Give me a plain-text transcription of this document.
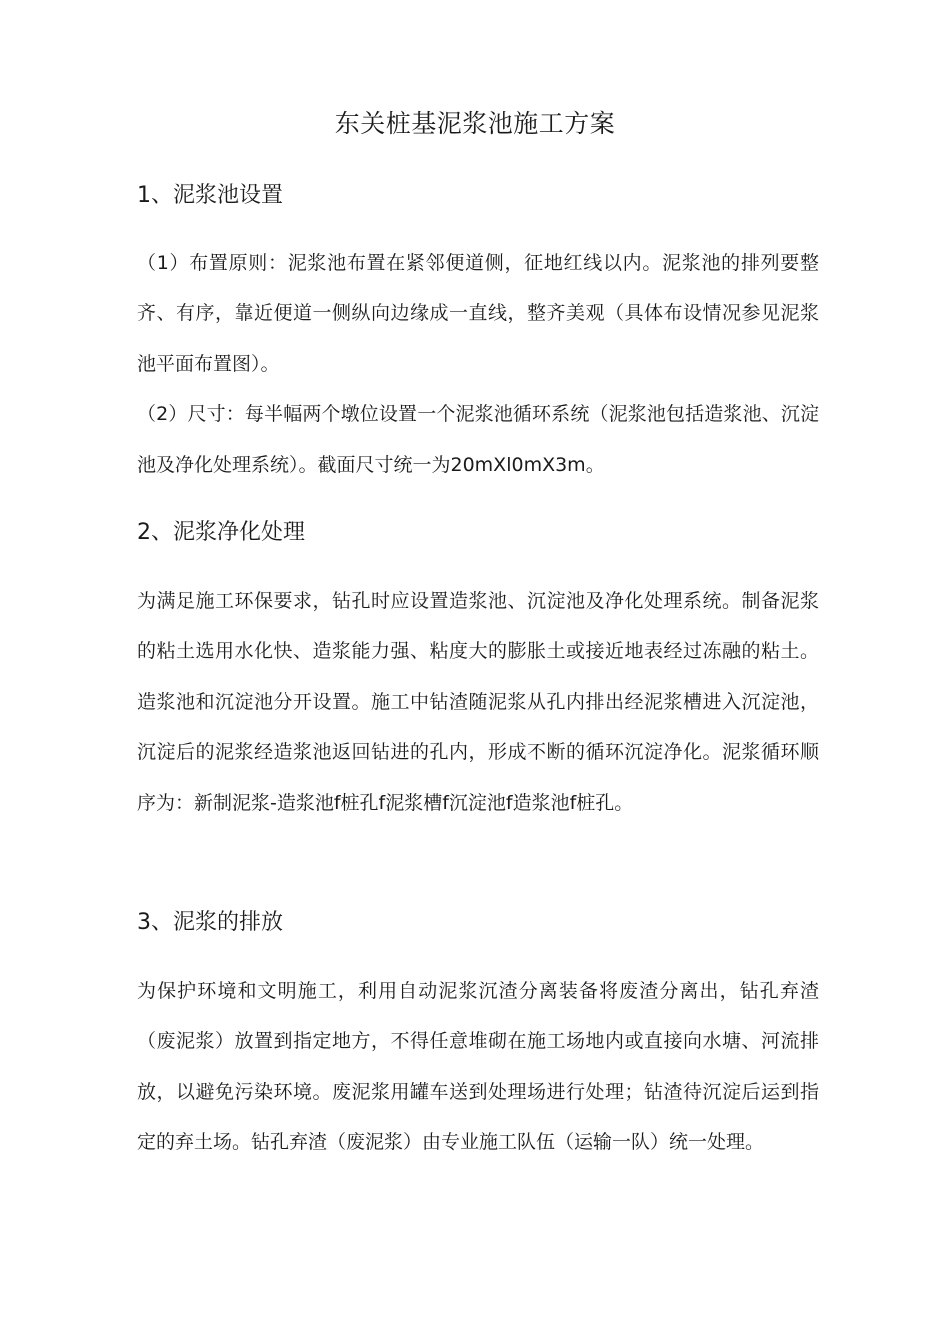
东关桩基泥浆池施工方案
1、泥浆池设置

（1）布置原则：泥浆池布置在紧邻便道侧，征地红线以内。泥浆池的排列要整齐、有序，靠近便道一侧纵向边缘成一直线，整齐美观（具体布设情况参见泥浆池平面布置图）。

（2）尺寸：每半幅两个墩位设置一个泥浆池循环系统（泥浆池包括造浆池、沉淀池及净化处理系统）。截面尺寸统一为20mXl0mX3m。

2、泥浆净化处理

为满足施工环保要求，钻孔时应设置造浆池、沉淀池及净化处理系统。制备泥浆的粘土选用水化快、造浆能力强、粘度大的膨胀土或接近地表经过冻融的粘土。造浆池和沉淀池分开设置。施工中钻渣随泥浆从孔内排出经泥浆槽进入沉淀池，沉淀后的泥浆经造浆池返回钻进的孔内，形成不断的循环沉淀净化。泥浆循环顺序为：新制泥浆-造浆池f桩孔f泥浆槽f沉淀池f造浆池f桩孔。

3、泥浆的排放

为保护环境和文明施工，利用自动泥浆沉渣分离装备将废渣分离出，钻孔弃渣（废泥浆）放置到指定地方，不得任意堆砌在施工场地内或直接向水塘、河流排放，以避免污染环境。废泥浆用罐车送到处理场进行处理；钻渣待沉淀后运到指定的弃土场。钻孔弃渣（废泥浆）由专业施工队伍（运输一队）统一处理。
